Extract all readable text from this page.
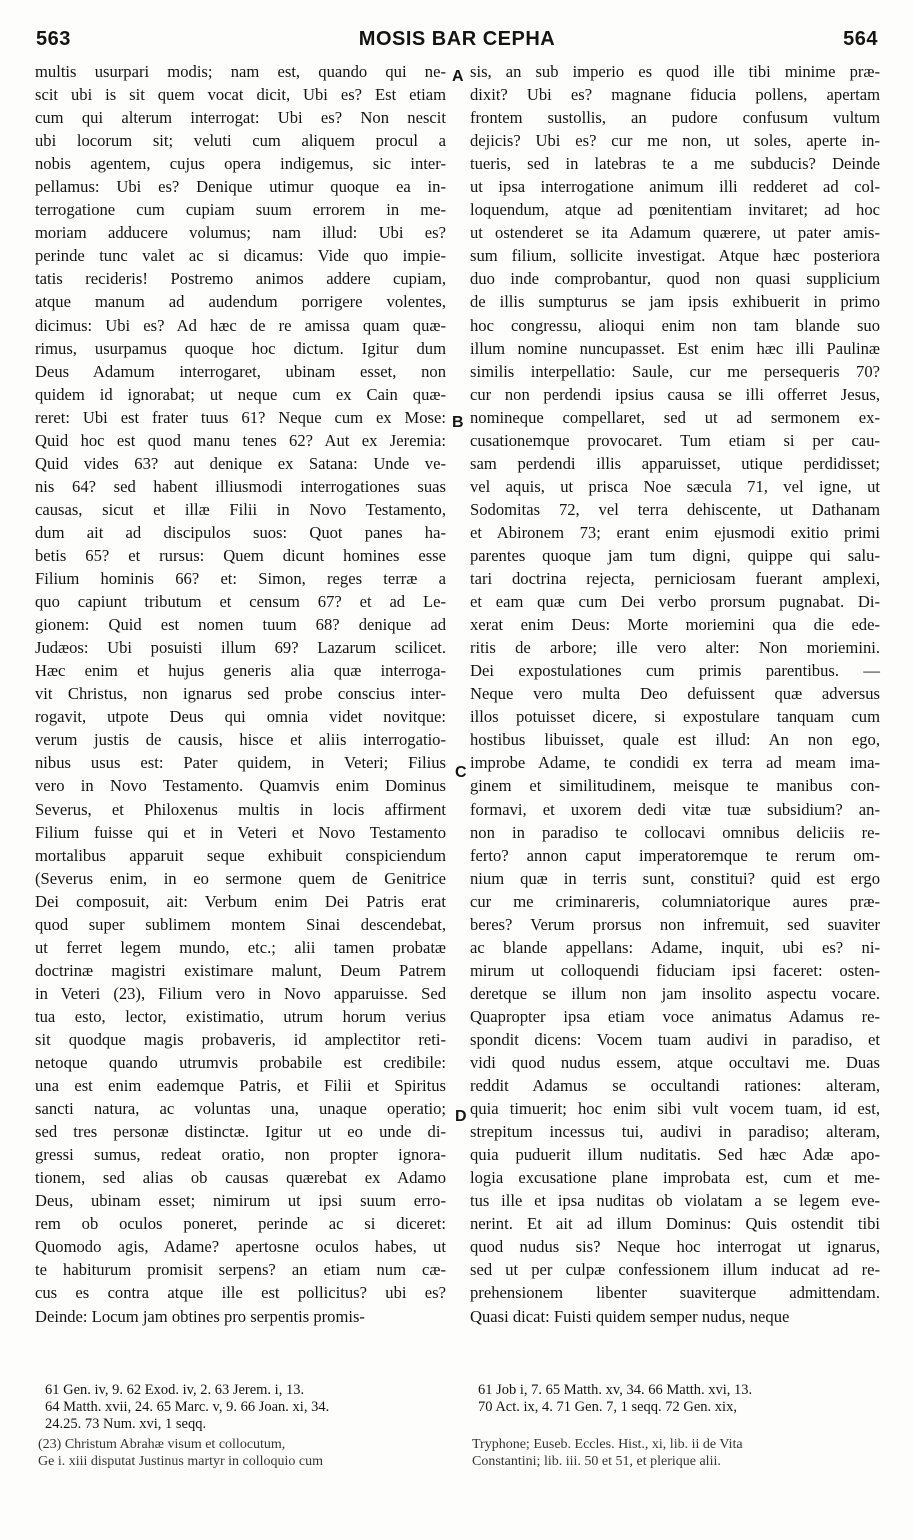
563	MOSIS BAR CEPHA	564

multis usurpari modis; nam est, quando qui ne-

scit ubi is sit quem vocat dicit, Ubi es? Est etiam

cum qui alterum interrogat: Ubi es? Non nescit

ubi locorum sit; veluti cum aliquem procul a

nobis agentem, cujus opera indigemus, sic inter-

pellamus: Ubi es? Denique utimur quoque ea in-

terrogatione cum cupiam suum errorem in me-

moriam adducere volumus; nam illud: Ubi es?

perinde tunc valet ac si dicamus: Vide quo impie-

tatis recideris! Postremo animos addere cupiam,

atque manum ad audendum porrigere volentes,

dicimus: Ubi es? Ad hæc de re amissa quam quæ-

rimus, usurpamus quoque hoc dictum. Igitur dum

Deus Adamum interrogaret, ubinam esset, non

quidem id ignorabat; ut neque cum ex Cain quæ-

reret: Ubi est frater tuus 61? Neque cum ex Mose:

Quid hoc est quod manu tenes 62? Aut ex Jeremia:

Quid vides 63? aut denique ex Satana: Unde ve-

nis 64? sed habent illiusmodi interrogationes suas

causas, sicut et illæ Filii in Novo Testamento,

dum ait ad discipulos suos: Quot panes ha-

betis 65? et rursus: Quem dicunt homines esse

Filium hominis 66? et: Simon, reges terræ a

quo capiunt tributum et censum 67? et ad Le-

gionem: Quid est nomen tuum 68? denique ad

Judæos: Ubi posuisti illum 69? Lazarum scilicet.

Hæc enim et hujus generis alia quæ interroga-

vit Christus, non ignarus sed probe conscius inter-

rogavit, utpote Deus qui omnia videt novitque:

verum justis de causis, hisce et aliis interrogatio-

nibus usus est: Pater quidem, in Veteri; Filius

vero in Novo Testamento. Quamvis enim Dominus

Severus, et Philoxenus multis in locis affirment

Filium fuisse qui et in Veteri et Novo Testamento

mortalibus apparuit seque exhibuit conspiciendum

(Severus enim, in eo sermone quem de Genitrice

Dei composuit, ait: Verbum enim Dei Patris erat

quod super sublimem montem Sinai descendebat,

ut ferret legem mundo, etc.; alii tamen probatæ

doctrinæ magistri existimare malunt, Deum Patrem

in Veteri (23), Filium vero in Novo apparuisse. Sed

tua esto, lector, existimatio, utrum horum verius

sit quodque magis probaveris, id amplectitor reti-

netoque quando utrumvis probabile est credibile:

una est enim eademque Patris, et Filii et Spiritus

sancti natura, ac voluntas una, unaque operatio;

sed tres personæ distinctæ. Igitur ut eo unde di-

gressi sumus, redeat oratio, non propter ignora-

tionem, sed alias ob causas quærebat ex Adamo

Deus, ubinam esset; nimirum ut ipsi suum erro-

rem ob oculos poneret, perinde ac si diceret:

Quomodo agis, Adame? apertosne oculos habes, ut

te habiturum promisit serpens? an etiam num cæ-

cus es contra atque ille est pollicitus? ubi es?

Deinde: Locum jam obtines pro serpentis promis-

sis, an sub imperio es quod ille tibi minime præ-

dixit? Ubi es? magnane fiducia pollens, apertam

frontem sustollis, an pudore confusum vultum

dejicis? Ubi es? cur me non, ut soles, aperte in-

tueris, sed in latebras te a me subducis? Deinde

ut ipsa interrogatione animum illi redderet ad col-

loquendum, atque ad pœnitentiam invitaret; ad hoc

ut ostenderet se ita Adamum quærere, ut pater amis-

sum filium, sollicite investigat. Atque hæc posteriora

duo inde comprobantur, quod non quasi supplicium

de illis sumpturus se jam ipsis exhibuerit in primo

hoc congressu, alioqui enim non tam blande suo

illum nomine nuncupasset. Est enim hæc illi Paulinæ

similis interpellatio: Saule, cur me persequeris 70?

cur non perdendi ipsius causa se illi offerret Jesus,

nomineque compellaret, sed ut ad sermonem ex-

cusationemque provocaret. Tum etiam si per cau-

sam perdendi illis apparuisset, utique perdidisset;

vel aquis, ut prisca Noe sæcula 71, vel igne, ut

Sodomitas 72, vel terra dehiscente, ut Dathanam

et Abironem 73; erant enim ejusmodi exitio primi

parentes quoque jam tum digni, quippe qui salu-

tari doctrina rejecta, perniciosam fuerant amplexi,

et eam quæ cum Dei verbo prorsum pugnabat. Di-

xerat enim Deus: Morte moriemini qua die ede-

ritis de arbore; ille vero alter: Non moriemini.

Dei expostulationes cum primis parentibus. —

Neque vero multa Deo defuissent quæ adversus

illos potuisset dicere, si expostulare tanquam cum

hostibus libuisset, quale est illud: An non ego,

improbe Adame, te condidi ex terra ad meam ima-

ginem et similitudinem, meisque te manibus con-

formavi, et uxorem dedi vitæ tuæ subsidium? an-

non in paradiso te collocavi omnibus deliciis re-

ferto? annon caput imperatoremque te rerum om-

nium quæ in terris sunt, constitui? quid est ergo

cur me criminareris, columniatorique aures præ-

beres? Verum prorsus non infremuit, sed suaviter

ac blande appellans: Adame, inquit, ubi es? ni-

mirum ut colloquendi fiduciam ipsi faceret: osten-

deretque se illum non jam insolito aspectu vocare.

Quapropter ipsa etiam voce animatus Adamus re-

spondit dicens: Vocem tuam audivi in paradiso, et

vidi quod nudus essem, atque occultavi me. Duas

reddit Adamus se occultandi rationes: alteram,

quia timuerit; hoc enim sibi vult vocem tuam, id est,

strepitum incessus tui, audivi in paradiso; alteram,

quia puduerit illum nuditatis. Sed hæc Adæ apo-

logia excusatione plane improbata est, cum et me-

tus ille et ipsa nuditas ob violatam a se legem eve-

nerint. Et ait ad illum Dominus: Quis ostendit tibi

quod nudus sis? Neque hoc interrogat ut ignarus,

sed ut per culpæ confessionem illum inducat ad re-

prehensionem libenter suaviterque admittendam.

Quasi dicat: Fuisti quidem semper nudus, neque

A
B
C
D

61 Gen. iv, 9. 62 Exod. iv, 2. 63 Jerem. i, 13.

64 Matth. xvii, 24. 65 Marc. v, 9. 66 Joan. xi, 34.

24.25. 73 Num. xvi, 1 seqq.

61 Job i, 7. 65 Matth. xv, 34. 66 Matth. xvi, 13.

70 Act. ix, 4. 71 Gen. 7, 1 seqq. 72 Gen. xix,

(23) Christum Abrahæ visum et collocutum,

Ge i. xiii disputat Justinus martyr in colloquio cum

Tryphone; Euseb. Eccles. Hist., xi, lib. ii de Vita

Constantini; lib. iii. 50 et 51, et plerique alii.
